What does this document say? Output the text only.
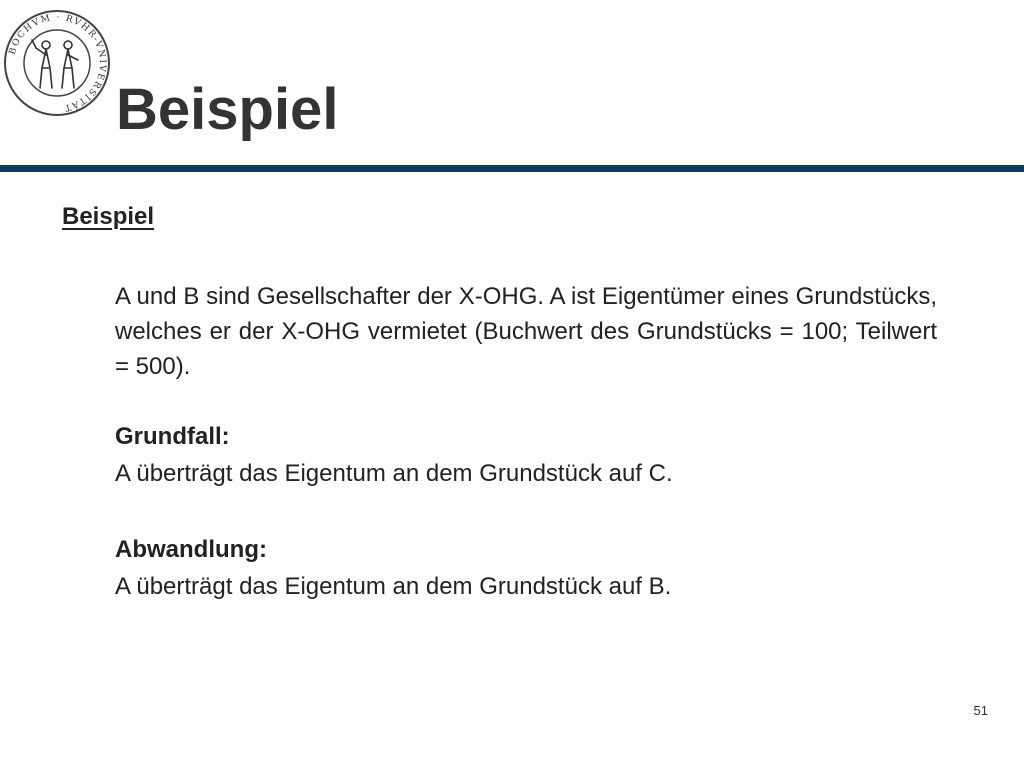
BOCHVM · RVHR-VNIVERSITÄT Beispiel
Beispiel
A und B sind Gesellschafter der X-OHG. A ist Eigentümer eines Grundstücks, welches er der X-OHG vermietet (Buchwert des Grundstücks = 100; Teilwert = 500).
Grundfall:
A überträgt das Eigentum an dem Grundstück auf C.
Abwandlung:
A überträgt das Eigentum an dem Grundstück auf B.
51
